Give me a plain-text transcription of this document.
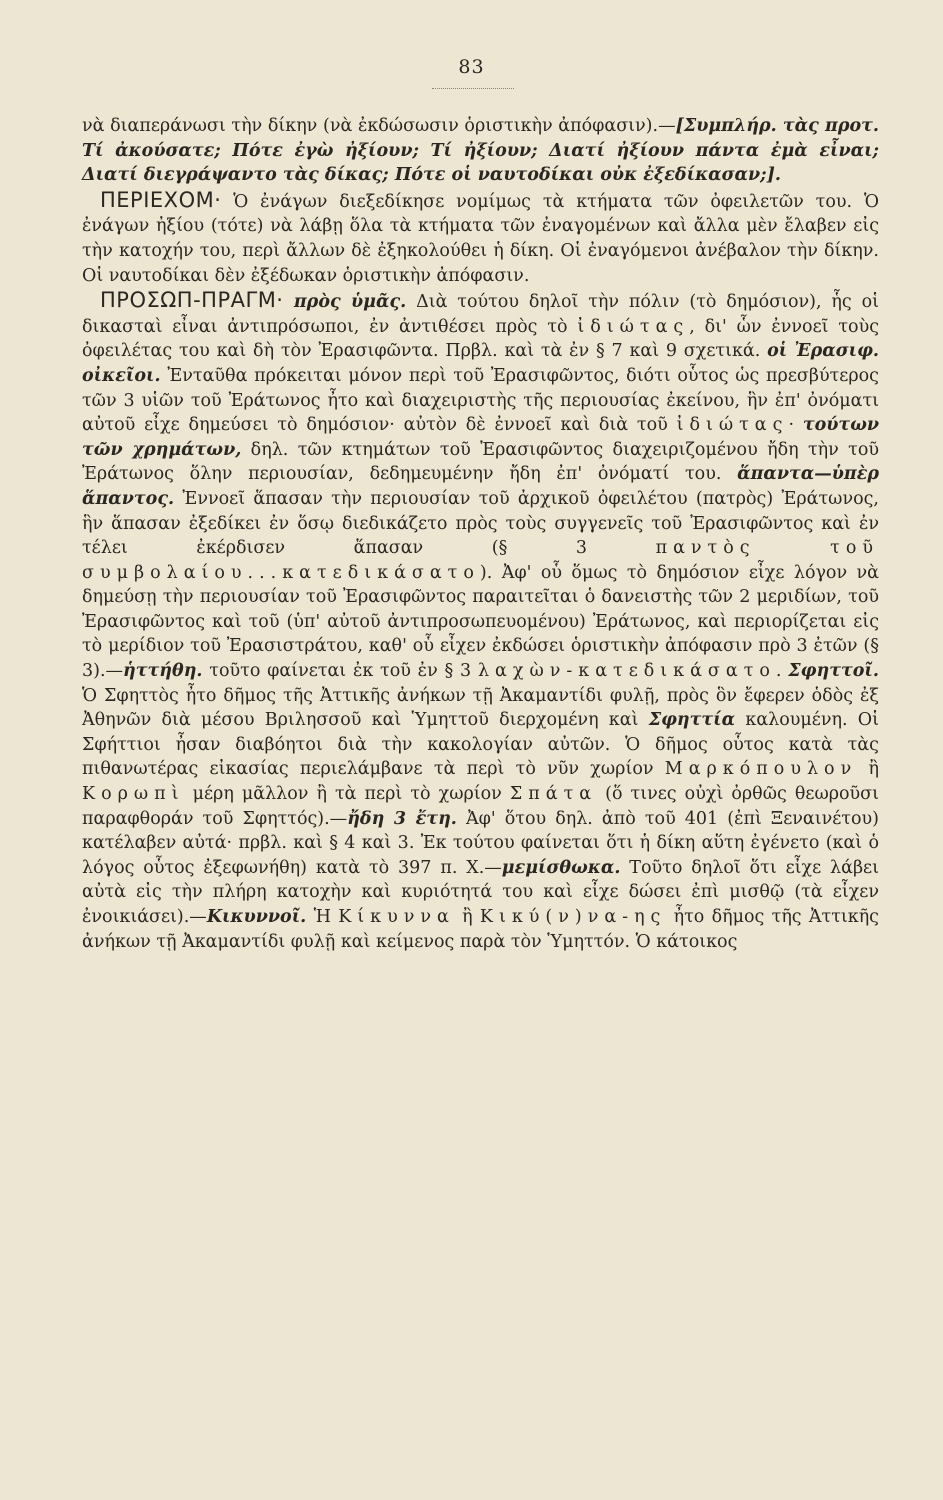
83

νὰ διαπεράνωσι τὴν δίκην (νὰ ἐκδώσωσιν ὁριστικὴν ἀπόφασιν).—[Συμπλήρ. τὰς προτ. Τί ἀκούσατε; Πότε ἐγὼ ἠξίουν; Τί ἠξίουν; Διατί ἠξίουν πάντα ἐμὰ εἶναι; Διατί διεγράψαντο τὰς δίκας; Πότε οἱ ναυτοδίκαι οὐκ ἐξεδίκασαν;].

ΠΕΡΙΕΧΟΜ· Ὁ ἐνάγων διεξεδίκησε νομίμως τὰ κτήματα τῶν ὀφειλετῶν του. Ὁ ἐνάγων ἠξίου (τότε) νὰ λάβῃ ὅλα τὰ κτήματα τῶν ἐναγομένων καὶ ἄλλα μὲν ἔλαβεν εἰς τὴν κατοχήν του, περὶ ἄλλων δὲ ἐξηκολούθει ἡ δίκη. Οἱ ἐναγόμενοι ἀνέβαλον τὴν δίκην. Οἱ ναυτοδίκαι δὲν ἐξέδωκαν ὁριστικὴν ἀπόφασιν.

ΠΡΟΣΩΠ-ΠΡΑΓΜ· πρὸς ὑμᾶς. Διὰ τούτου δηλοῖ τὴν πόλιν (τὸ δημόσιον), ἧς οἱ δικασταὶ εἶναι ἀντιπρόσωποι, ἐν ἀντιθέσει πρὸς τὸ ἰδιώτας, δι' ὧν ἐννοεῖ τοὺς ὀφειλέτας του καὶ δὴ τὸν Ἐρασιφῶντα. Πρβλ. καὶ τὰ ἐν § 7 καὶ 9 σχετικά. οἱ Ἐρασιφ. οἰκεῖοι. Ἐνταῦθα πρόκειται μόνον περὶ τοῦ Ἐρασιφῶντος, διότι οὗτος ὡς πρεσβύτερος τῶν 3 υἱῶν τοῦ Ἐράτωνος ἦτο καὶ διαχειριστὴς τῆς περιουσίας ἐκείνου, ἣν ἐπ' ὀνόματι αὐτοῦ εἶχε δημεύσει τὸ δημόσιον· αὐτὸν δὲ ἐννοεῖ καὶ διὰ τοῦ ἰδιώτας· τούτων τῶν χρημάτων, δηλ. τῶν κτημάτων τοῦ Ἐρασιφῶντος διαχειριζομένου ἤδη τὴν τοῦ Ἐράτωνος ὅλην περιουσίαν, δεδημευμένην ἤδη ἐπ' ὀνόματί του. ἅπαντα—ὑπὲρ ἅπαντος. Ἐννοεῖ ἅπασαν τὴν περιουσίαν τοῦ ἀρχικοῦ ὀφειλέτου (πατρὸς) Ἐράτωνος, ἣν ἅπασαν ἐξεδίκει ἐν ὅσῳ διεδικάζετο πρὸς τοὺς συγγενεῖς τοῦ Ἐρασιφῶντος καὶ ἐν τέλει ἐκέρδισεν ἅπασαν (§ 3 παντὸς τοῦ συμβολαίου...κατεδικάσατο). Ἀφ' οὗ ὅμως τὸ δημόσιον εἶχε λόγον νὰ δημεύσῃ τὴν περιουσίαν τοῦ Ἐρασιφῶντος παραιτεῖται ὁ δανειστὴς τῶν 2 μεριδίων, τοῦ Ἐρασιφῶντος καὶ τοῦ (ὑπ' αὐτοῦ ἀντιπροσωπευομένου) Ἐράτωνος, καὶ περιορίζεται εἰς τὸ μερίδιον τοῦ Ἐρασιστράτου, καθ' οὗ εἶχεν ἐκδώσει ὁριστικὴν ἀπόφασιν πρὸ 3 ἐτῶν (§ 3).—ἡττήθη. τοῦτο φαίνεται ἐκ τοῦ ἐν § 3 λαχὼν-κατεδικάσατο. Σφηττοῖ. Ὁ Σφηττὸς ἦτο δῆμος τῆς Ἀττικῆς ἀνήκων τῇ Ἀκαμαντίδι φυλῇ, πρὸς ὃν ἔφερεν ὁδὸς ἐξ Ἀθηνῶν διὰ μέσου Βριλησσοῦ καὶ Ὑμηττοῦ διερχομένη καὶ Σφηττία καλουμένη. Οἱ Σφήττιοι ἦσαν διαβόητοι διὰ τὴν κακολογίαν αὐτῶν. Ὁ δῆμος οὗτος κατὰ τὰς πιθανωτέρας εἰκασίας περιελάμβανε τὰ περὶ τὸ νῦν χωρίον Μαρκόπουλον ἢ Κορωπὶ μέρη μᾶλλον ἢ τὰ περὶ τὸ χωρίον Σπάτα (ὅ τινες οὐχὶ ὀρθῶς θεωροῦσι παραφθοράν τοῦ Σφηττός).—ἤδη 3 ἔτη. Ἀφ' ὅτου δηλ. ἀπὸ τοῦ 401 (ἐπὶ Ξεναινέτου) κατέλαβεν αὐτά· πρβλ. καὶ § 4 καὶ 3. Ἐκ τούτου φαίνεται ὅτι ἡ δίκη αὕτη ἐγένετο (καὶ ὁ λόγος οὗτος ἐξεφωνήθη) κατὰ τὸ 397 π. Χ.—μεμίσθωκα. Τοῦτο δηλοῖ ὅτι εἶχε λάβει αὐτὰ εἰς τὴν πλήρη κατοχὴν καὶ κυριότητά του καὶ εἶχε δώσει ἐπὶ μισθῷ (τὰ εἶχεν ἐνοικιάσει).—Κικυννοῖ. Ἡ Κίκυννα ἢ Κικύ(ν)να-ης ἦτο δῆμος τῆς Ἀττικῆς ἀνήκων τῇ Ἀκαμαντίδι φυλῇ καὶ κείμενος παρὰ τὸν Ὑμηττόν. Ὁ κάτοικος
